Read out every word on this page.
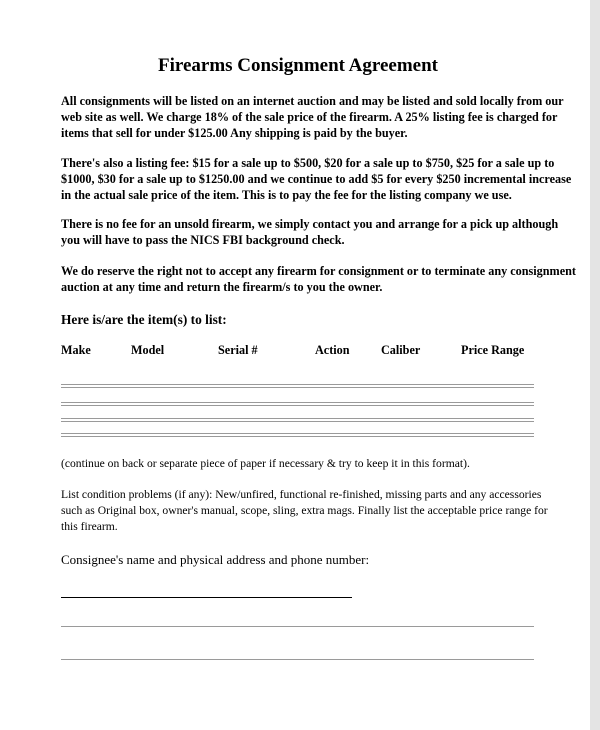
Firearms Consignment Agreement
All consignments will be listed on an internet auction and may be listed and sold locally from our
web site as well. We charge 18% of the sale price of the firearm. A 25% listing fee is charged for
items that sell for under $125.00 Any shipping is paid by the buyer.
There's also a listing fee: $15 for a sale up to $500, $20 for a sale up to $750, $25 for a sale up to
$1000, $30 for a sale up to $1250.00 and we continue to add $5 for every $250 incremental increase
in the actual sale price of the item. This is to pay the fee for the listing company we use.
There is no fee for an unsold firearm, we simply contact you and arrange for a pick up although
you will have to pass the NICS FBI background check.
We do reserve the right not to accept any firearm for consignment or to terminate any consignment
auction at any time and return the firearm/s to you the owner.
Here is/are the item(s) to list:
Make	Model	Serial #	Action	Caliber	Price Range
(continue on back or separate piece of paper if necessary & try to keep it in this format).
List condition problems (if any): New/unfired, functional re-finished, missing parts and any accessories
such as Original box, owner's manual, scope, sling, extra mags. Finally list the acceptable price range for
this firearm.
Consignee's name and physical address and phone number:
